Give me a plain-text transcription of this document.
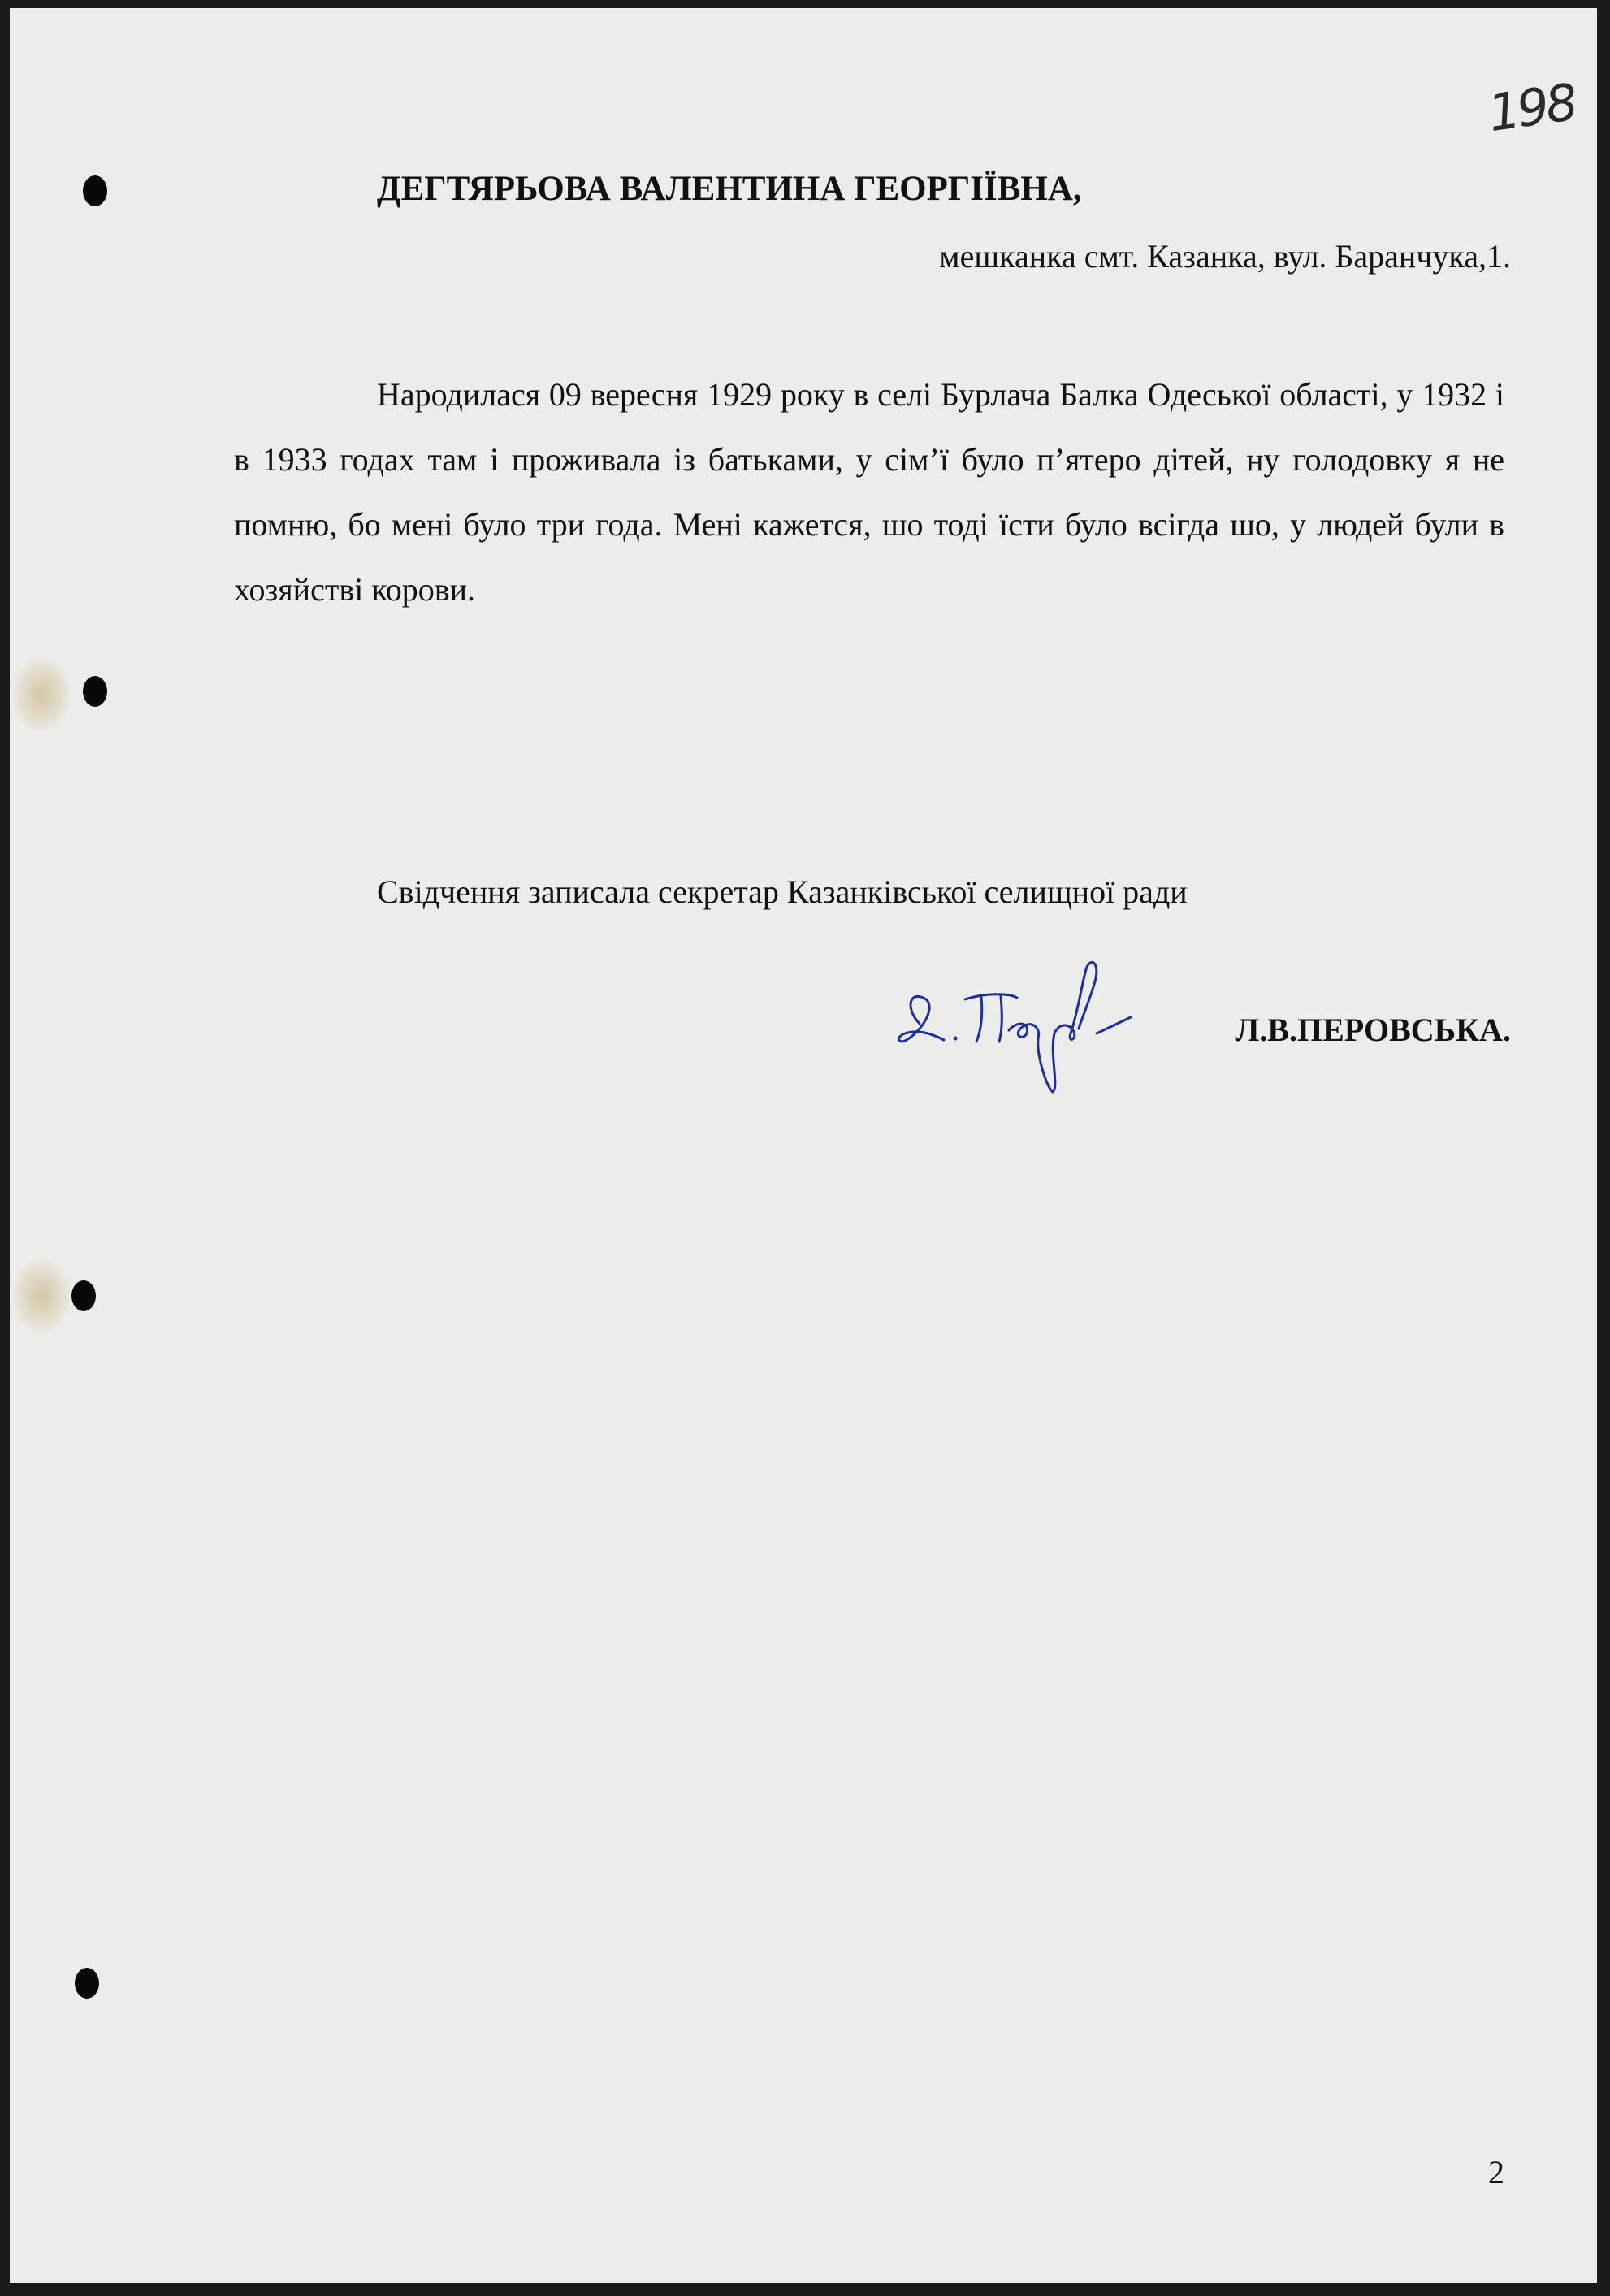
198
ДЕГТЯРЬОВА ВАЛЕНТИНА ГЕОРГІЇВНА,
мешканка смт. Казанка, вул. Баранчука,1.

Народилася 09 вересня 1929 року в селі Бурлача Балка Одеської області, у 1932 і в 1933 годах там і проживала із батьками, у сім’ї було п’ятеро дітей, ну голодовку я не помню, бо мені було три года. Мені кажется, шо тоді їсти було всігда шо, у людей були в хозяйстві корови.

Свідчення записала секретар Казанківської селищної ради
Л.В.ПЕРОВСЬКА.
2
